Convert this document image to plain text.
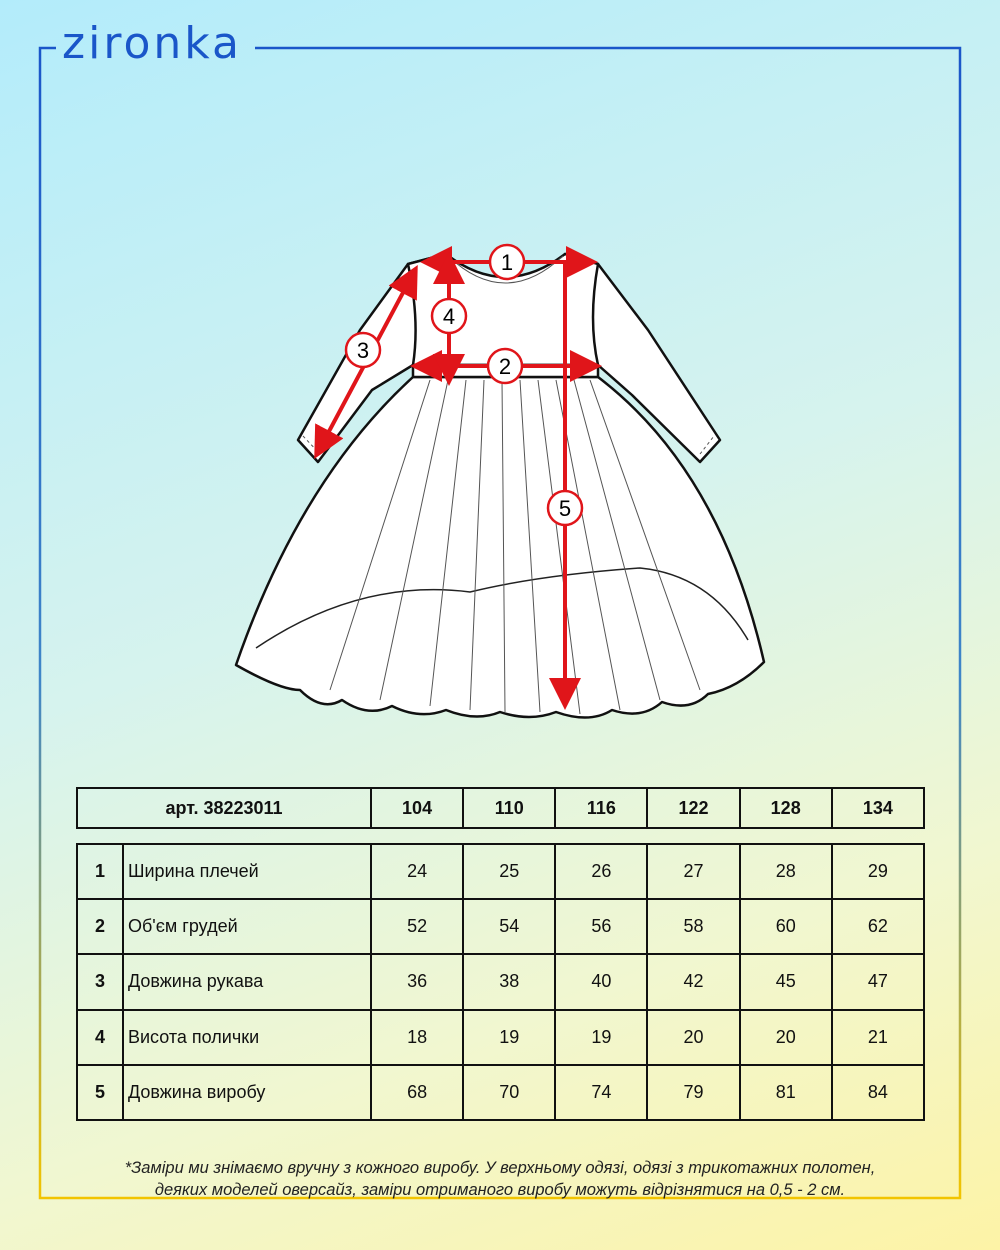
zironka
1
2
3
4
5
арт. 38223011	104	110	116	122	128	134
1	Ширина плечей	24	25	26	27	28	29
2	Об'єм грудей	52	54	56	58	60	62
3	Довжина рукава	36	38	40	42	45	47
4	Висота полички	18	19	19	20	20	21
5	Довжина виробу	68	70	74	79	81	84
*Заміри ми знімаємо вручну з кожного виробу. У верхньому одязі, одязі з трикотажних полотен,
деяких моделей оверсайз, заміри отриманого виробу можуть відрізнятися на 0,5 - 2 см.
